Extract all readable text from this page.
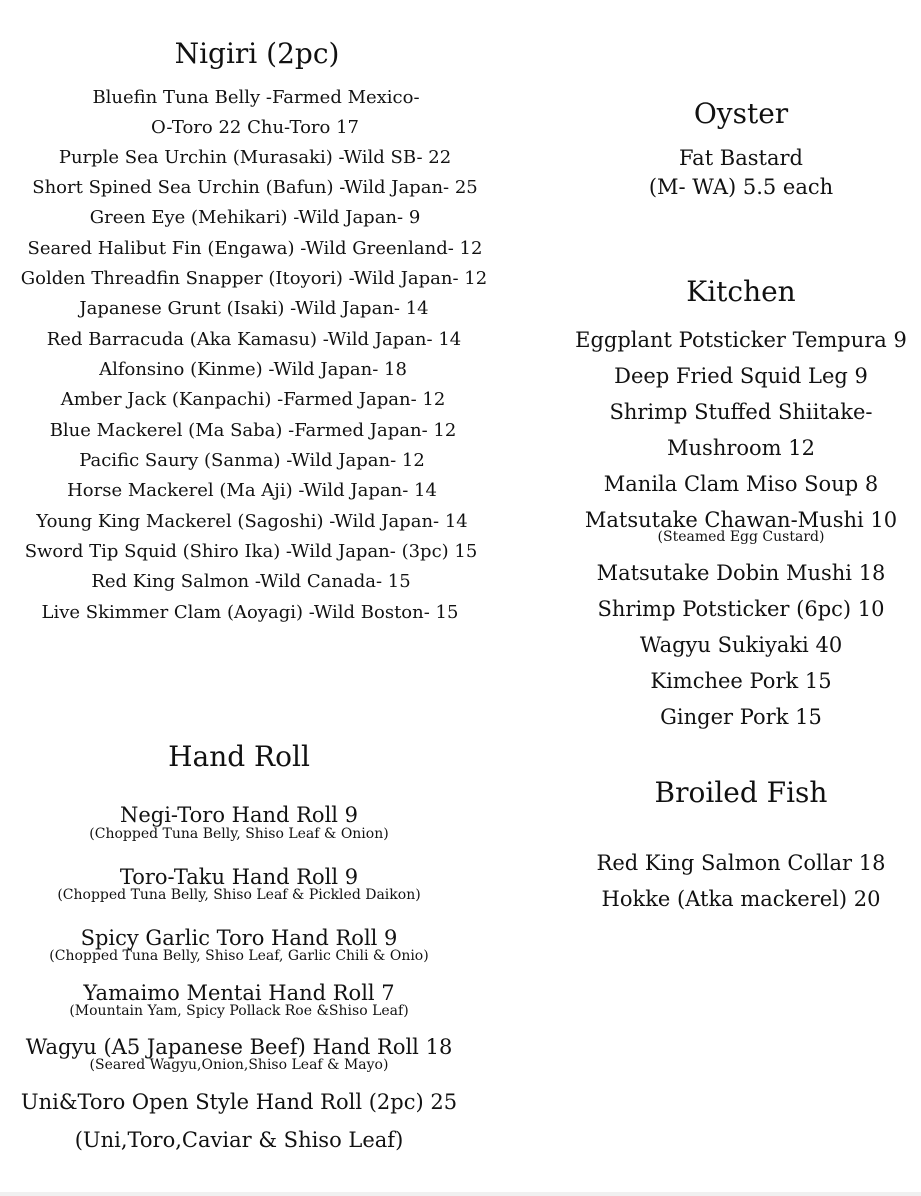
Nigiri (2pc)
Bluefin Tuna Belly -Farmed Mexico-
O-Toro 22 Chu-Toro 17
Purple Sea Urchin (Murasaki) -Wild SB- 22
Short Spined Sea Urchin (Bafun) -Wild Japan- 25
Green Eye (Mehikari) -Wild Japan- 9
Seared Halibut Fin (Engawa) -Wild Greenland- 12
Golden Threadfin Snapper (Itoyori) -Wild Japan- 12
Japanese Grunt (Isaki) -Wild Japan- 14
Red Barracuda (Aka Kamasu) -Wild Japan- 14
Alfonsino (Kinme) -Wild Japan- 18
Amber Jack (Kanpachi) -Farmed Japan- 12
Blue Mackerel (Ma Saba) -Farmed Japan- 12
Pacific Saury (Sanma) -Wild Japan- 12
Horse Mackerel (Ma Aji) -Wild Japan- 14
Young King Mackerel (Sagoshi) -Wild Japan- 14
Sword Tip Squid (Shiro Ika) -Wild Japan- (3pc) 15
Red King Salmon -Wild Canada- 15
Live Skimmer Clam (Aoyagi) -Wild Boston- 15
Hand Roll
Negi-Toro Hand Roll 9
(Chopped Tuna Belly, Shiso Leaf & Onion)
Toro-Taku Hand Roll 9
(Chopped Tuna Belly, Shiso Leaf & Pickled Daikon)
Spicy Garlic Toro Hand Roll 9
(Chopped Tuna Belly, Shiso Leaf, Garlic Chili & Onio)
Yamaimo Mentai Hand Roll 7
(Mountain Yam, Spicy Pollack Roe &Shiso Leaf)
Wagyu (A5 Japanese Beef) Hand Roll 18
(Seared Wagyu,Onion,Shiso Leaf & Mayo)
Uni&Toro Open Style Hand Roll (2pc) 25
(Uni,Toro,Caviar & Shiso Leaf)
Oyster
Fat Bastard
(M- WA) 5.5 each
Kitchen
Eggplant Potsticker Tempura 9
Deep Fried Squid Leg 9
Shrimp Stuffed Shiitake-
Mushroom 12
Manila Clam Miso Soup 8
Matsutake Chawan-Mushi 10
(Steamed Egg Custard)
Matsutake Dobin Mushi 18
Shrimp Potsticker (6pc) 10
Wagyu Sukiyaki 40
Kimchee Pork 15
Ginger Pork 15
Broiled Fish
Red King Salmon Collar 18
Hokke (Atka mackerel) 20
